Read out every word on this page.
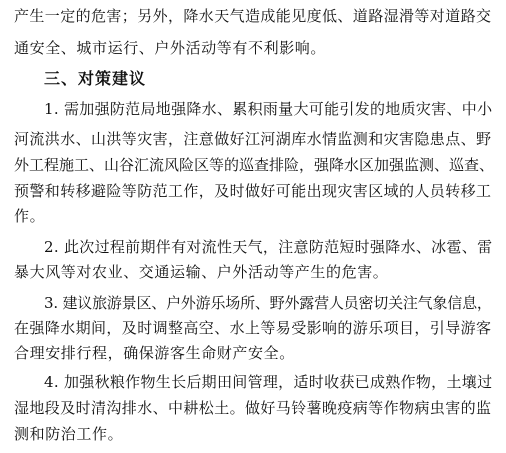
产生一定的危害；另外，降水天气造成能见度低、道路湿滑等对道路交
通安全、城市运行、户外活动等有不利影响。
三、对策建议
1. 需加强防范局地强降水、累积雨量大可能引发的地质灾害、中小
河流洪水、山洪等灾害，注意做好江河湖库水情监测和灾害隐患点、野
外工程施工、山谷汇流风险区等的巡查排险，强降水区加强监测、巡查、
预警和转移避险等防范工作，及时做好可能出现灾害区域的人员转移工
作。
2. 此次过程前期伴有对流性天气，注意防范短时强降水、冰雹、雷
暴大风等对农业、交通运输、户外活动等产生的危害。
3. 建议旅游景区、户外游乐场所、野外露营人员密切关注气象信息，
在强降水期间，及时调整高空、水上等易受影响的游乐项目，引导游客
合理安排行程，确保游客生命财产安全。
4. 加强秋粮作物生长后期田间管理，适时收获已成熟作物，土壤过
湿地段及时清沟排水、中耕松土。做好马铃薯晚疫病等作物病虫害的监
测和防治工作。
